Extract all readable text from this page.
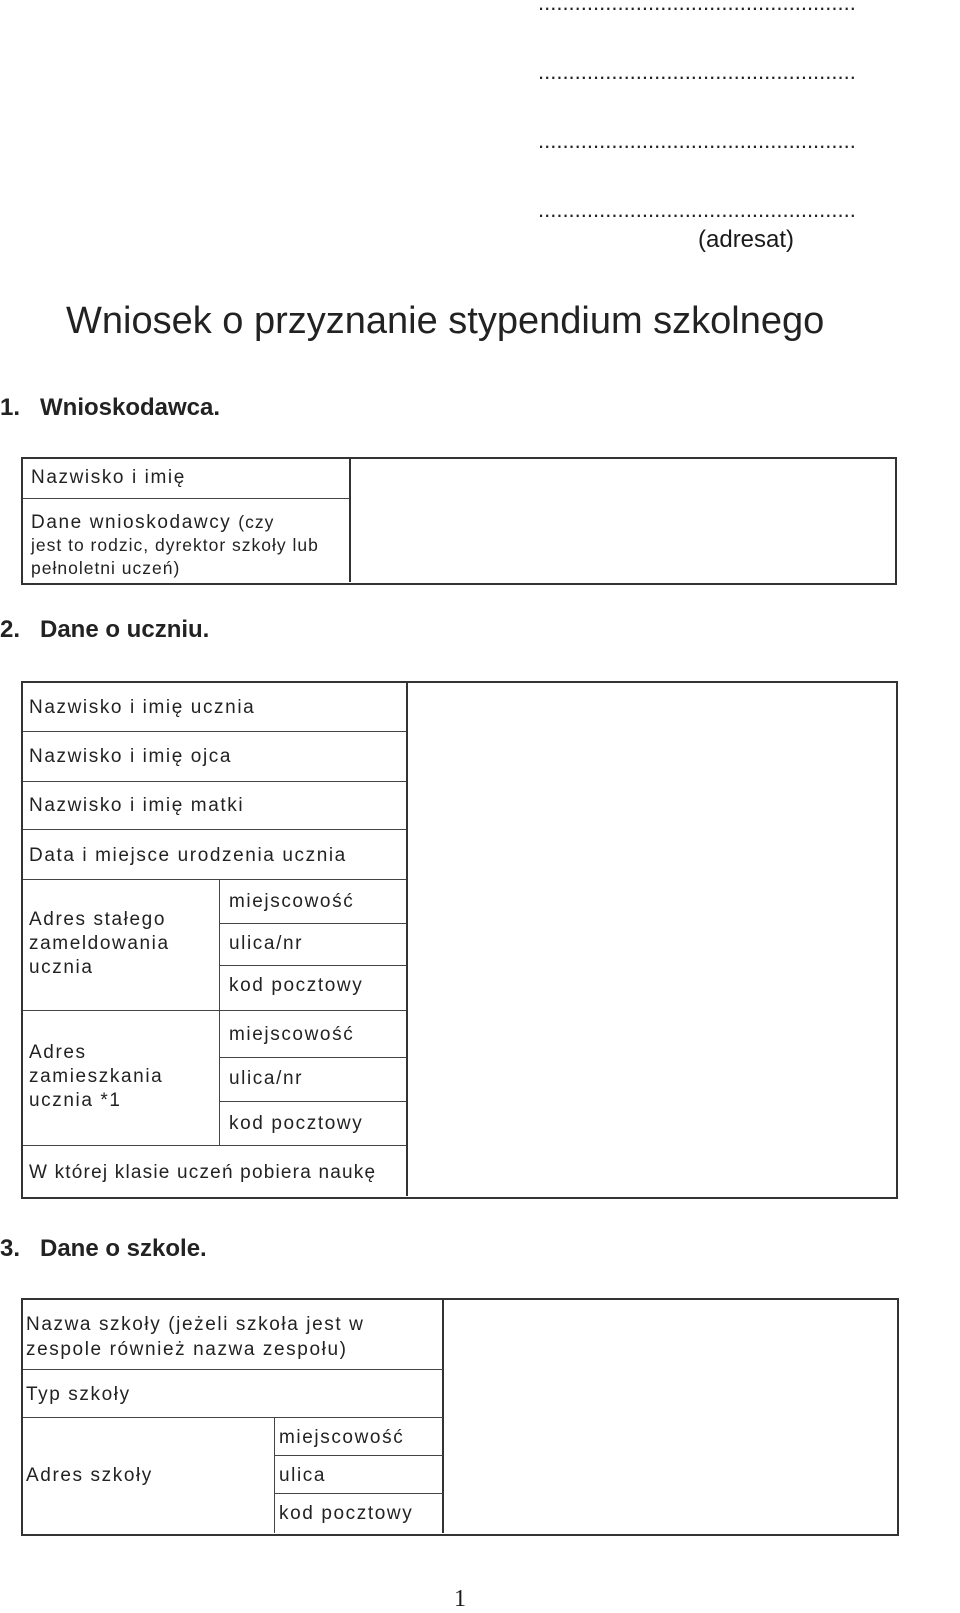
....................................................
....................................................
....................................................
....................................................
(adresat)
Wniosek o przyznanie stypendium szkolnego
1. Wnioskodawca.
Nazwisko i imię
Dane wnioskodawcy (czy
jest to rodzic, dyrektor szkoły lub
pełnoletni uczeń)
2. Dane o uczniu.
Nazwisko i imię ucznia
Nazwisko i imię ojca
Nazwisko i imię matki
Data i miejsce urodzenia ucznia
Adres stałego
zameldowania
ucznia
miejscowość
ulica/nr
kod pocztowy
Adres
zamieszkania
ucznia *1
miejscowość
ulica/nr
kod pocztowy
W której klasie uczeń pobiera naukę
3. Dane o szkole.
Nazwa szkoły (jeżeli szkoła jest w
zespole również nazwa zespołu)
Typ szkoły
Adres szkoły
miejscowość
ulica
kod pocztowy
1
